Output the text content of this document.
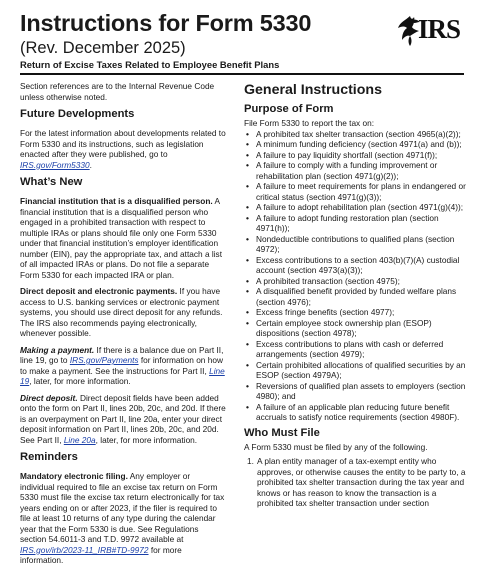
Instructions for Form 5330
(Rev. December 2025)
Return of Excise Taxes Related to Employee Benefit Plans
IRS

Section references are to the Internal Revenue Code unless otherwise noted.

Future Developments

For the latest information about developments related to Form 5330 and its instructions, such as legislation enacted after they were published, go to IRS.gov/Form5330.

What’s New

Financial institution that is a disqualified person. A financial institution that is a disqualified person who engaged in a prohibited transaction with respect to multiple IRAs or plans should file only one Form 5330 under that financial institution’s employer identification number (EIN), pay the appropriate tax, and attach a list of all impacted IRAs or plans. Do not file a separate Form 5330 for each impacted IRA or plan.

Direct deposit and electronic payments. If you have access to U.S. banking services or electronic payment systems, you should use direct deposit for any refunds. The IRS also recommends paying electronically, whenever possible.

Making a payment. If there is a balance due on Part II, line 19, go to IRS.gov/Payments for information on how to make a payment. See the instructions for Part II, Line 19, later, for more information.

Direct deposit. Direct deposit fields have been added onto the form on Part II, lines 20b, 20c, and 20d. If there is an overpayment on Part II, line 20a, enter your direct deposit information on Part II, lines 20b, 20c, and 20d. See Part II, Line 20a, later, for more information.

Reminders

Mandatory electronic filing. Any employer or individual required to file an excise tax return on Form 5330 must file the excise tax return electronically for tax years ending on or after 2023, if the filer is required to file at least 10 returns of any type during the calendar year that the Form 5330 is due. See Regulations section 54.6011-3 and T.D. 9972 available at IRS.gov/irb/2023-11_IRB#TD-9972 for more information.

General Instructions
Purpose of Form

File Form 5330 to report the tax on:

• A prohibited tax shelter transaction (section 4965(a)(2));
• A minimum funding deficiency (section 4971(a) and (b));
• A failure to pay liquidity shortfall (section 4971(f));
• A failure to comply with a funding improvement or rehabilitation plan (section 4971(g)(2));
• A failure to meet requirements for plans in endangered or critical status (section 4971(g)(3));
• A failure to adopt rehabilitation plan (section 4971(g)(4));
• A failure to adopt funding restoration plan (section 4971(h));
• Nondeductible contributions to qualified plans (section 4972);
• Excess contributions to a section 403(b)(7)(A) custodial account (section 4973(a)(3));
• A prohibited transaction (section 4975);
• A disqualified benefit provided by funded welfare plans (section 4976);
• Excess fringe benefits (section 4977);
• Certain employee stock ownership plan (ESOP) dispositions (section 4978);
• Excess contributions to plans with cash or deferred arrangements (section 4979);
• Certain prohibited allocations of qualified securities by an ESOP (section 4979A);
• Reversions of qualified plan assets to employers (section 4980); and
• A failure of an applicable plan reducing future benefit accruals to satisfy notice requirements (section 4980F).
Who Must File

A Form 5330 must be filed by any of the following.

1. A plan entity manager of a tax-exempt entity who approves, or otherwise causes the entity to be party to, a prohibited tax shelter transaction during the tax year and knows or has reason to know the transaction is a prohibited tax shelter transaction under section
